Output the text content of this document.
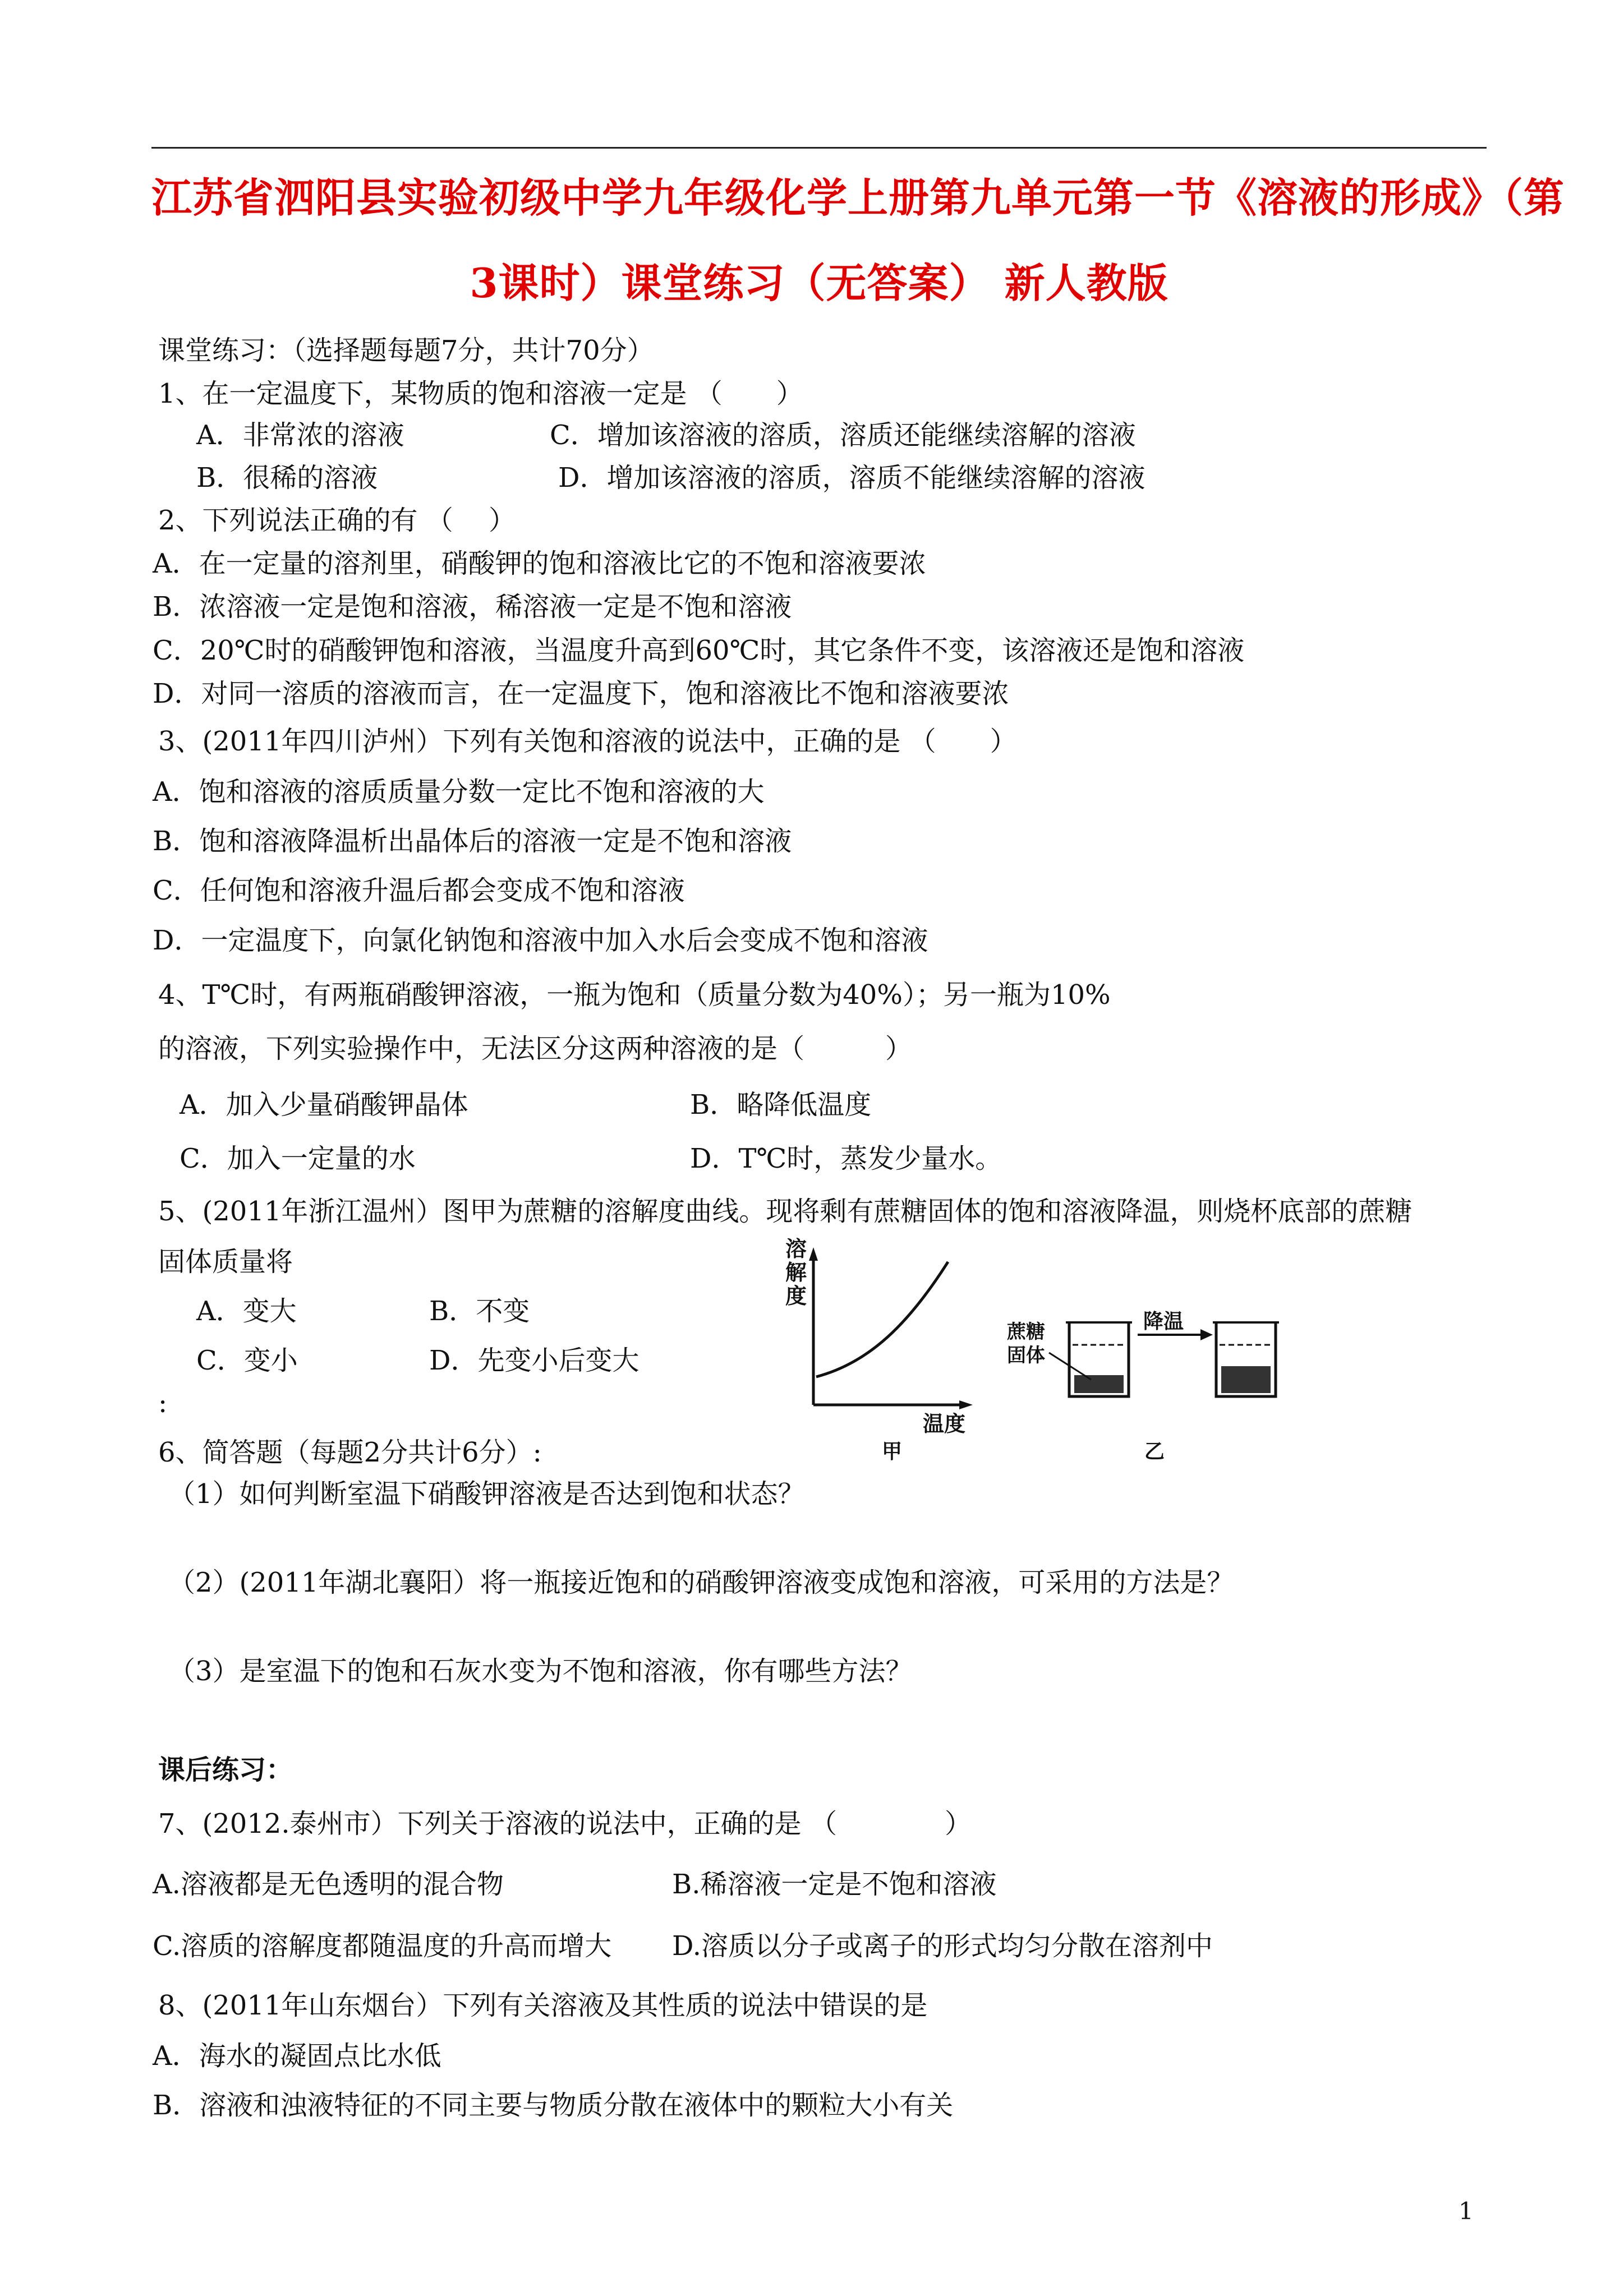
江苏省泗阳县实验初级中学九年级化学上册第九单元第一节《溶液的形成》（第
3课时）课堂练习（无答案） 新人教版
课堂练习：（选择题每题7分，共计70分）
1、在一定温度下，某物质的饱和溶液一定是 （　　）
A．非常浓的溶液	C．增加该溶液的溶质，溶质还能继续溶解的溶液
B．很稀的溶液	D．增加该溶液的溶质，溶质不能继续溶解的溶液
2、下列说法正确的有 （　 ）
A．在一定量的溶剂里，硝酸钾的饱和溶液比它的不饱和溶液要浓
B．浓溶液一定是饱和溶液，稀溶液一定是不饱和溶液
C．20℃时的硝酸钾饱和溶液，当温度升高到60℃时，其它条件不变，该溶液还是饱和溶液
D．对同一溶质的溶液而言，在一定温度下，饱和溶液比不饱和溶液要浓
3、(2011年四川泸州）下列有关饱和溶液的说法中，正确的是 （　　）
A．饱和溶液的溶质质量分数一定比不饱和溶液的大
B．饱和溶液降温析出晶体后的溶液一定是不饱和溶液
C．任何饱和溶液升温后都会变成不饱和溶液
D．一定温度下，向氯化钠饱和溶液中加入水后会变成不饱和溶液
4、T℃时，有两瓶硝酸钾溶液，一瓶为饱和（质量分数为40%）；另一瓶为10%
的溶液，下列实验操作中，无法区分这两种溶液的是（　　　）
A．加入少量硝酸钾晶体	B．略降低温度
C．加入一定量的水	D．T℃时，蒸发少量水。
5、(2011年浙江温州）图甲为蔗糖的溶解度曲线。现将剩有蔗糖固体的饱和溶液降温，则烧杯底部的蔗糖
固体质量将
A．变大	B．不变
C．变小	D．先变小后变大
:
溶
解
度
温度
甲
蔗糖
固体
降温
乙
6、简答题（每题2分共计6分）:
（1）如何判断室温下硝酸钾溶液是否达到饱和状态？
（2）(2011年湖北襄阳）将一瓶接近饱和的硝酸钾溶液变成饱和溶液，可采用的方法是？
（3）是室温下的饱和石灰水变为不饱和溶液，你有哪些方法？
课后练习：
7、(2012.泰州市）下列关于溶液的说法中，正确的是 （　　　　）
A.溶液都是无色透明的混合物	B.稀溶液一定是不饱和溶液
C.溶质的溶解度都随温度的升高而增大 D.溶质以分子或离子的形式均匀分散在溶剂中
8、(2011年山东烟台）下列有关溶液及其性质的说法中错误的是
A．海水的凝固点比水低
B．溶液和浊液特征的不同主要与物质分散在液体中的颗粒大小有关
1
